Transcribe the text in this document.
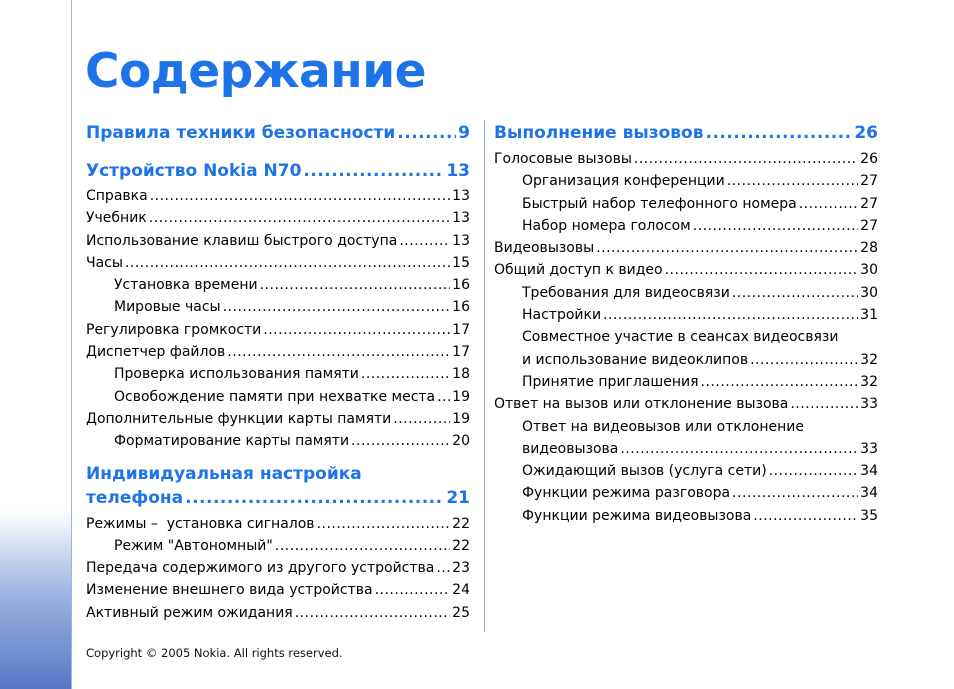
Содержание
Правила техники безопасности .....	9
Устройство Nokia N70 .....	13
Справка .....	13
Учебник .....	13
Использование клавиш быстрого доступа .....	13
Часы .....	15
Установка времени .....	16
Мировые часы .....	16
Регулировка громкости .....	17
Диспетчер файлов .....	17
Проверка использования памяти .....	18
Освобождение памяти при нехватке места ..... 19
Дополнительные функции карты памяти .....	19
Форматирование карты памяти .....	20
Индивидуальная настройка
телефона .....	21
Режимы –  установка сигналов .....	22
Режим "Автономный" .....	22
Передача содержимого из другого устройства ..... 23
Изменение внешнего вида устройства .....	24
Активный режим ожидания .....	25
Выполнение вызовов .....	26
Голосовые вызовы .....	26
Организация конференции .....	27
Быстрый набор телефонного номера .....	27
Набор номера голосом .....	27
Видеовызовы .....	28
Общий доступ к видео .....	30
Требования для видеосвязи .....	30
Настройки .....	31
Совместное участие в сеансах видеосвязи
и использование видеоклипов .....	32
Принятие приглашения .....	32
Ответ на вызов или отклонение вызова .....	33
Ответ на видеовызов или отклонение
видеовызова .....	33
Ожидающий вызов (услуга сети) .....	34
Функции режима разговора .....	34
Функции режима видеовызова .....	35
Copyright © 2005 Nokia. All rights reserved.
